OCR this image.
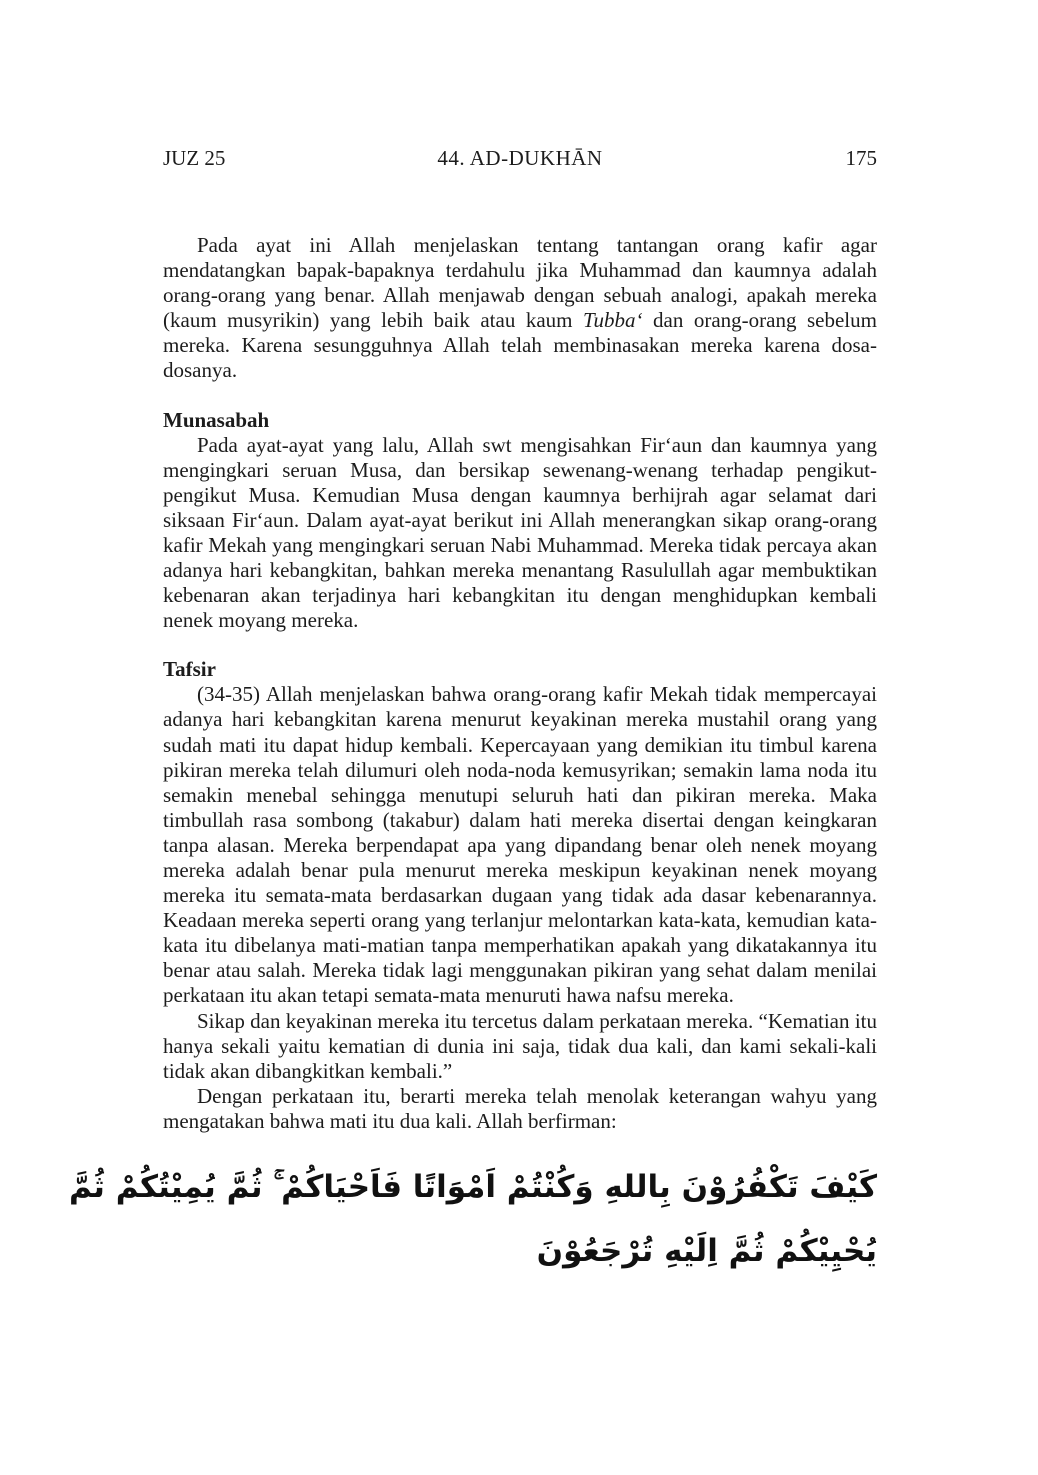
JUZ 25	44. AD-DUKHĀN	175

Pada ayat ini Allah menjelaskan tentang tantangan orang kafir agar mendatangkan bapak-bapaknya terdahulu jika Muhammad dan kaumnya adalah orang-orang yang benar. Allah menjawab dengan sebuah analogi, apakah mereka (kaum musyrikin) yang lebih baik atau kaum Tubba‘ dan orang-orang sebelum mereka. Karena sesungguhnya Allah telah membinasakan mereka karena dosa-dosanya.

Munasabah

Pada ayat-ayat yang lalu, Allah swt mengisahkan Fir‘aun dan kaumnya yang mengingkari seruan Musa, dan bersikap sewenang-wenang terhadap pengikut-pengikut Musa. Kemudian Musa dengan kaumnya berhijrah agar selamat dari siksaan Fir‘aun. Dalam ayat-ayat berikut ini Allah menerangkan sikap orang-orang kafir Mekah yang mengingkari seruan Nabi Muhammad. Mereka tidak percaya akan adanya hari kebangkitan, bahkan mereka menantang Rasulullah agar membuktikan kebenaran akan terjadinya hari kebangkitan itu dengan menghidupkan kembali nenek moyang mereka.

Tafsir

(34-35) Allah menjelaskan bahwa orang-orang kafir Mekah tidak mempercayai adanya hari kebangkitan karena menurut keyakinan mereka mustahil orang yang sudah mati itu dapat hidup kembali. Kepercayaan yang demikian itu timbul karena pikiran mereka telah dilumuri oleh noda-noda kemusyrikan; semakin lama noda itu semakin menebal sehingga menutupi seluruh hati dan pikiran mereka. Maka timbullah rasa sombong (takabur) dalam hati mereka disertai dengan keingkaran tanpa alasan. Mereka berpendapat apa yang dipandang benar oleh nenek moyang mereka adalah benar pula menurut mereka meskipun keyakinan nenek moyang mereka itu semata-mata berdasarkan dugaan yang tidak ada dasar kebenarannya. Keadaan mereka seperti orang yang terlanjur melontarkan kata-kata, kemudian kata-kata itu dibelanya mati-matian tanpa memperhatikan apakah yang dikatakannya itu benar atau salah. Mereka tidak lagi menggunakan pikiran yang sehat dalam menilai perkataan itu akan tetapi semata-mata menuruti hawa nafsu mereka.

Sikap dan keyakinan mereka itu tercetus dalam perkataan mereka. “Kematian itu hanya sekali yaitu kematian di dunia ini saja, tidak dua kali, dan kami sekali-kali tidak akan dibangkitkan kembali.”

Dengan perkataan itu, berarti mereka telah menolak keterangan wahyu yang mengatakan bahwa mati itu dua kali. Allah berfirman:

كَيْفَ تَكْفُرُوْنَ بِاللهِ وَكُنْتُمْ اَمْوَاتًا فَاَحْيَاكُمْ ۚ ثُمَّ يُمِيْتُكُمْ ثُمَّ
يُحْيِيْكُمْ ثُمَّ اِلَيْهِ تُرْجَعُوْنَ
